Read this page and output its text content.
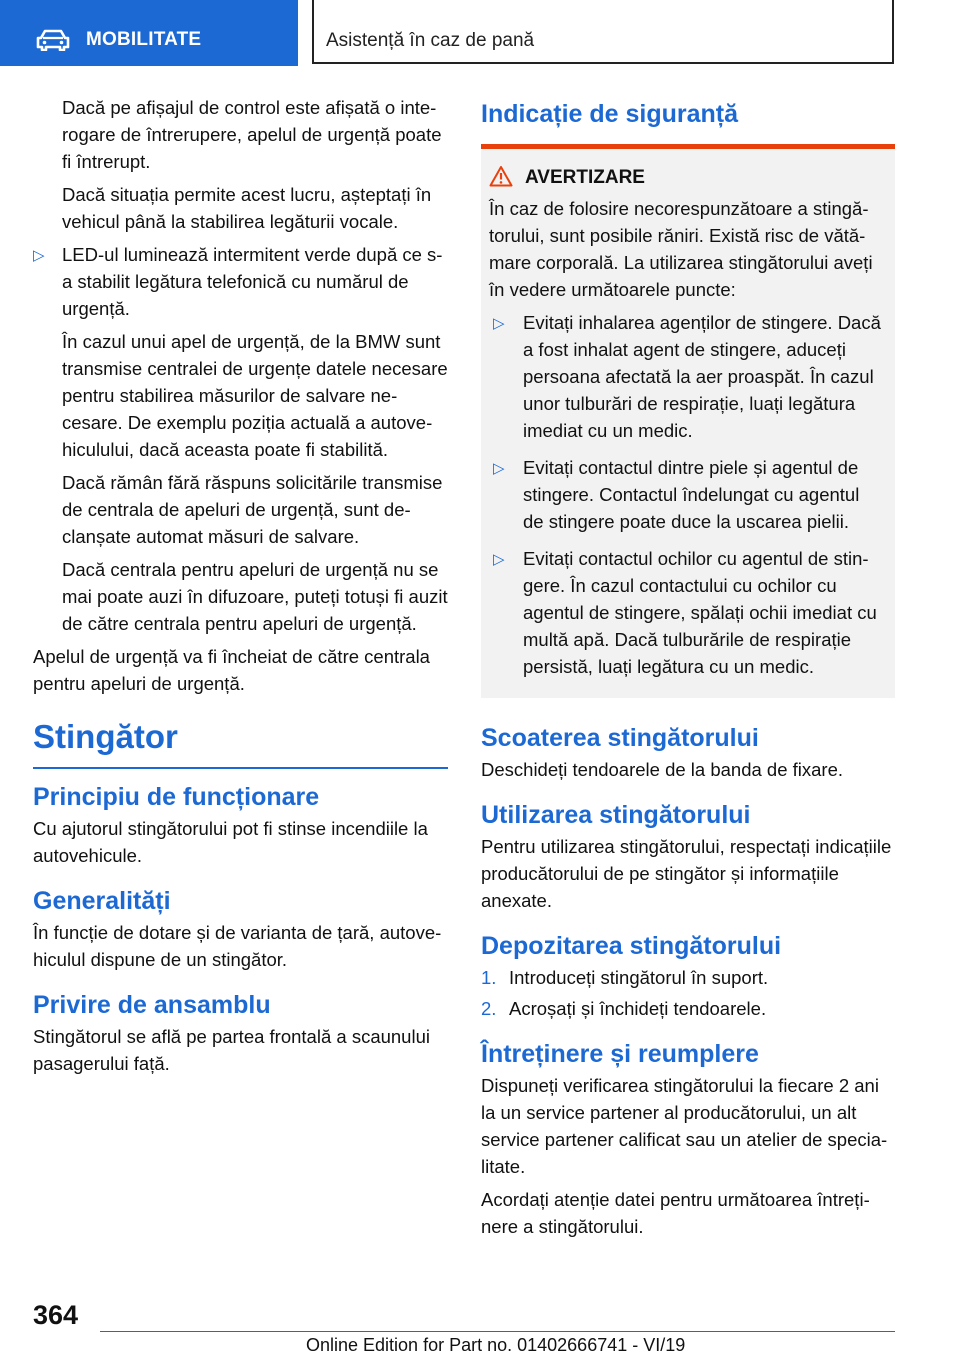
MOBILITATE	Asistență în caz de pană

Dacă pe afișajul de control este afișată o interogare de întrerupere, apelul de urgență poate fi întrerupt.

Dacă situația permite acest lucru, așteptați în vehicul până la stabilirea legăturii vocale.

▷ LED-ul luminează intermitent verde după ce s-a stabilit legătura telefonică cu numărul de urgență.

În cazul unui apel de urgență, de la BMW sunt transmise centralei de urgențe datele necesare pentru stabilirea măsurilor de salvare necesare. De exemplu poziția actuală a autovehiculului, dacă aceasta poate fi stabilită.

Dacă rămân fără răspuns solicitările transmise de centrala de apeluri de urgență, sunt declanșate automat măsuri de salvare.

Dacă centrala pentru apeluri de urgență nu se mai poate auzi în difuzoare, puteți totuși fi auzit de către centrala pentru apeluri de urgență.

Apelul de urgență va fi încheiat de către centrala pentru apeluri de urgență.

Stingător
Principiu de funcționare

Cu ajutorul stingătorului pot fi stinse incendiile la autovehicule.

Generalități

În funcție de dotare și de varianta de țară, autovehiculul dispune de un stingător.

Privire de ansamblu

Stingătorul se află pe partea frontală a scaunului pasagerului față.

Indicație de siguranță
AVERTIZARE

În caz de folosire necorespunzătoare a stingătorului, sunt posibile răniri. Există risc de vătămare corporală. La utilizarea stingătorului aveți în vedere următoarele puncte:

▷ Evitați inhalarea agenților de stingere. Dacă a fost inhalat agent de stingere, aduceți persoana afectată la aer proaspăt. În cazul unor tulburări de respirație, luați legătura imediat cu un medic.

▷ Evitați contactul dintre piele și agentul de stingere. Contactul îndelungat cu agentul de stingere poate duce la uscarea pielii.

▷ Evitați contactul ochilor cu agentul de stingere. În cazul contactului cu ochilor cu agentul de stingere, spălați ochii imediat cu multă apă. Dacă tulburările de respirație persistă, luați legătura cu un medic.

Scoaterea stingătorului

Deschideți tendoarele de la banda de fixare.

Utilizarea stingătorului

Pentru utilizarea stingătorului, respectați indicațiile producătorului de pe stingător și informațiile anexate.

Depozitarea stingătorului

1. Introduceți stingătorul în suport.

2. Acroșați și închideți tendoarele.

Întreținere și reumplere

Dispuneți verificarea stingătorului la fiecare 2 ani la un service partener al producătorului, un alt service partener calificat sau un atelier de specialitate.

Acordați atenție datei pentru următoarea întreținere a stingătorului.

364
Online Edition for Part no. 01402666741 - VI/19
